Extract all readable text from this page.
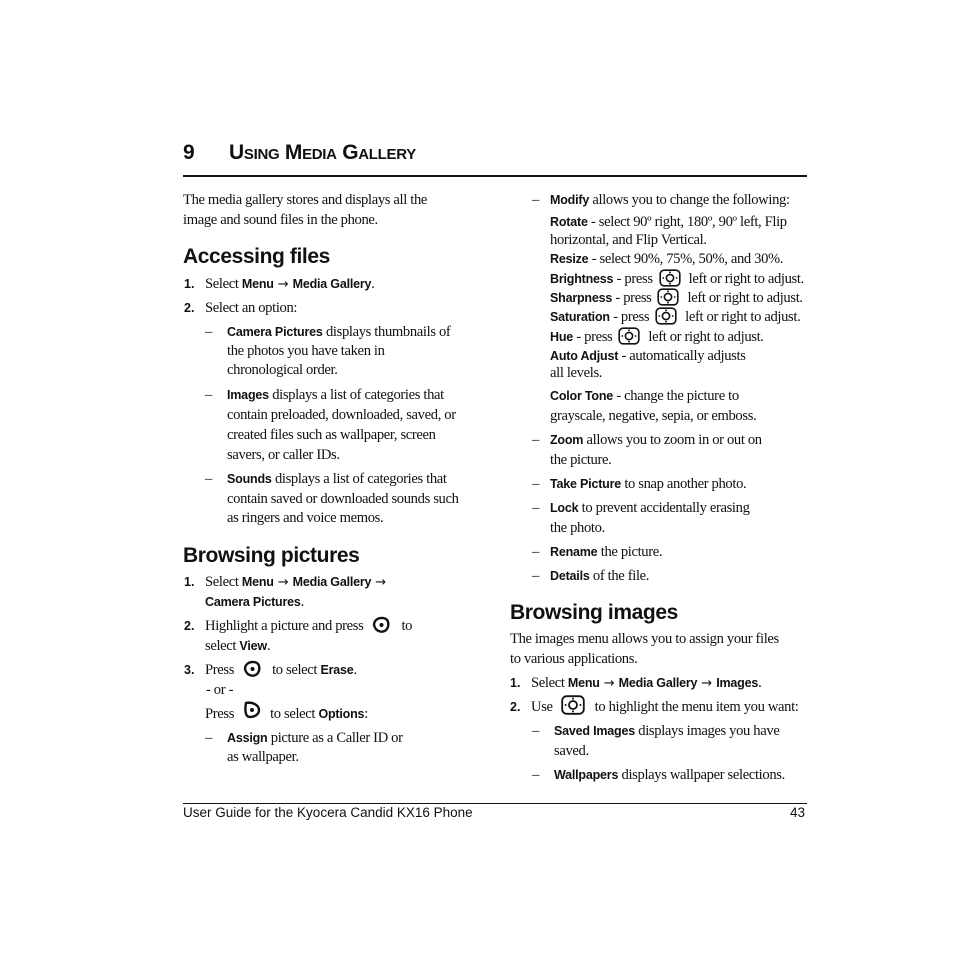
9 Using Media Gallery
The media gallery stores and displays all the
image and sound files in the phone.
Accessing files
1. Select Menu → Media Gallery.
2. Select an option:
– Camera Pictures displays thumbnails of
the photos you have taken in
chronological order.
– Images displays a list of categories that
contain preloaded, downloaded, saved, or
created files such as wallpaper, screen
savers, or caller IDs.
– Sounds displays a list of categories that
contain saved or downloaded sounds such
as ringers and voice memos.
Browsing pictures
1. Select Menu → Media Gallery →
Camera Pictures.
2. Highlight a picture and press	to
select View.
3. Press	to select Erase.
- or -
Press to select Options:
– Assign picture as a Caller ID or
as wallpaper.
– Modify allows you to change the following:
Rotate - select 90º right, 180º, 90º left, Flip
horizontal, and Flip Vertical.
Resize - select 90%, 75%, 50%, and 30%.
Brightness - press left or right to adjust.
Sharpness - press left or right to adjust.
Saturation - press left or right to adjust.
Hue - press left or right to adjust.
Auto Adjust - automatically adjusts
all levels.
Color Tone - change the picture to
grayscale, negative, sepia, or emboss.
– Zoom allows you to zoom in or out on
the picture.
– Take Picture to snap another photo.
– Lock to prevent accidentally erasing
the photo.
– Rename the picture.
– Details of the file.
Browsing images
The images menu allows you to assign your files
to various applications.
1. Select Menu → Media Gallery → Images.
2. Use	to highlight the menu item you want:
– Saved Images displays images you have
saved.
– Wallpapers displays wallpaper selections.
User Guide for the Kyocera Candid KX16 Phone	43
